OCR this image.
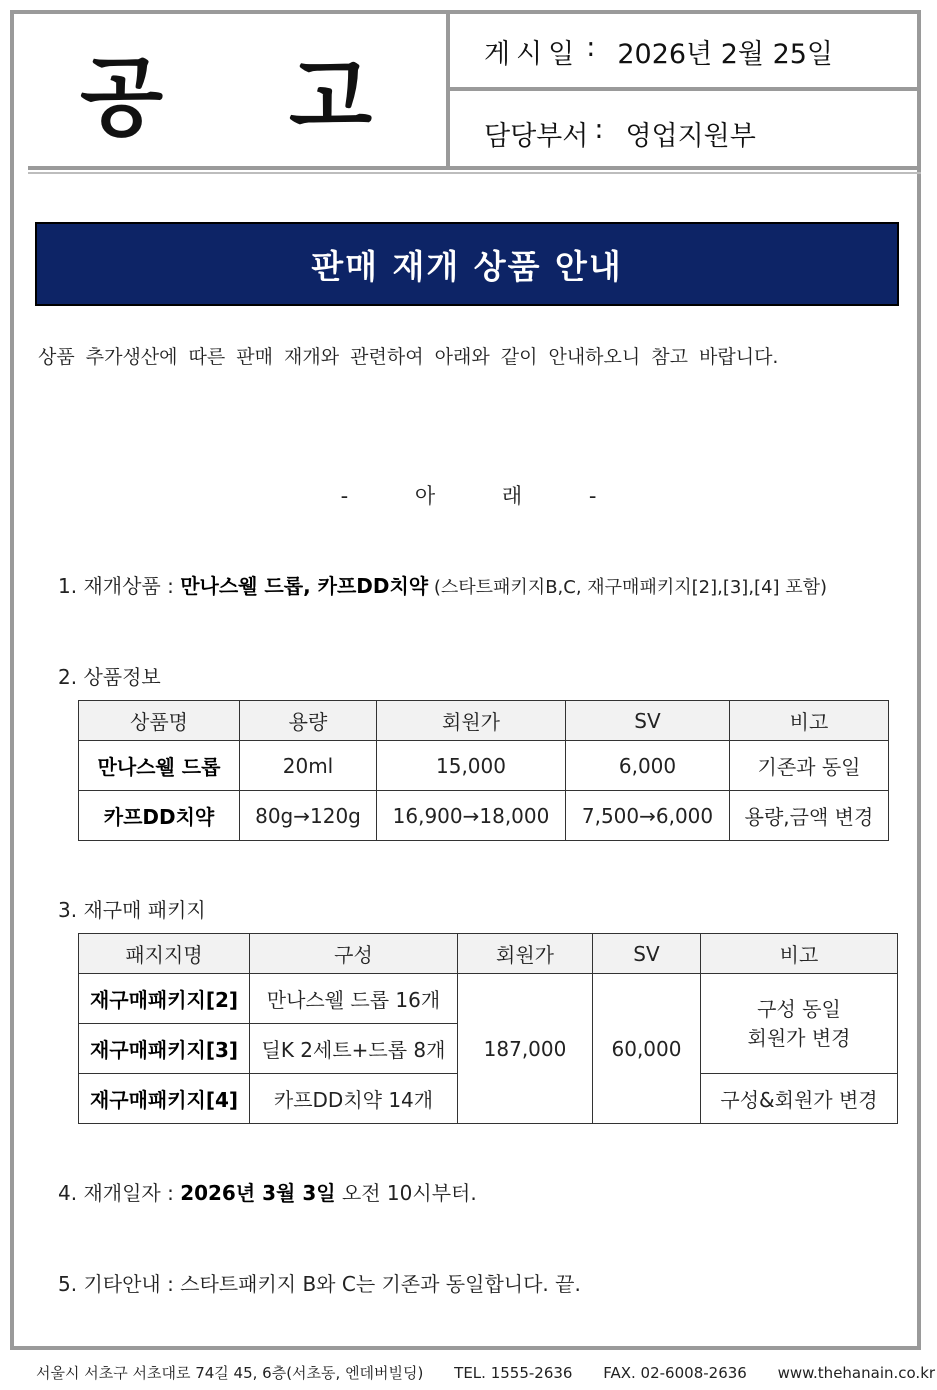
공 고	게시일 : 2026년 2월 25일
담당부서 : 영업지원부
판매 재개 상품 안내
상품 추가생산에 따른 판매 재개와 관련하여 아래와 같이 안내하오니 참고 바랍니다.
-	아	래	-
1. 재개상품 : 만나스웰 드롭, 카프DD치약 (스타트패키지B,C, 재구매패키지[2],[3],[4] 포함)
2. 상품정보
상품명	용량	회원가	SV	비고
만나스웰 드롭	20ml	15,000	6,000	기존과 동일
카프DD치약	80g→120g	16,900→18,000	7,500→6,000	용량,금액 변경
3. 재구매 패키지
패지지명	구성	회원가	SV	비고
재구매패키지[2]	만나스웰 드롭 16개	187,000	60,000	구성 동일
회원가 변경

재구매패키지[3]	딜K 2세트+드롭 8개			
재구매패키지[4]	카프DD치약 14개			구성&회원가 변경
4. 재개일자 : 2026년 3월 3일 오전 10시부터.
5. 기타안내 : 스타트패키지 B와 C는 기존과 동일합니다. 끝.
서울시 서초구 서초대로 74길 45, 6층(서초동, 엔데버빌딩) TEL. 1555-2636 FAX. 02-6008-2636 www.thehanain.co.kr
